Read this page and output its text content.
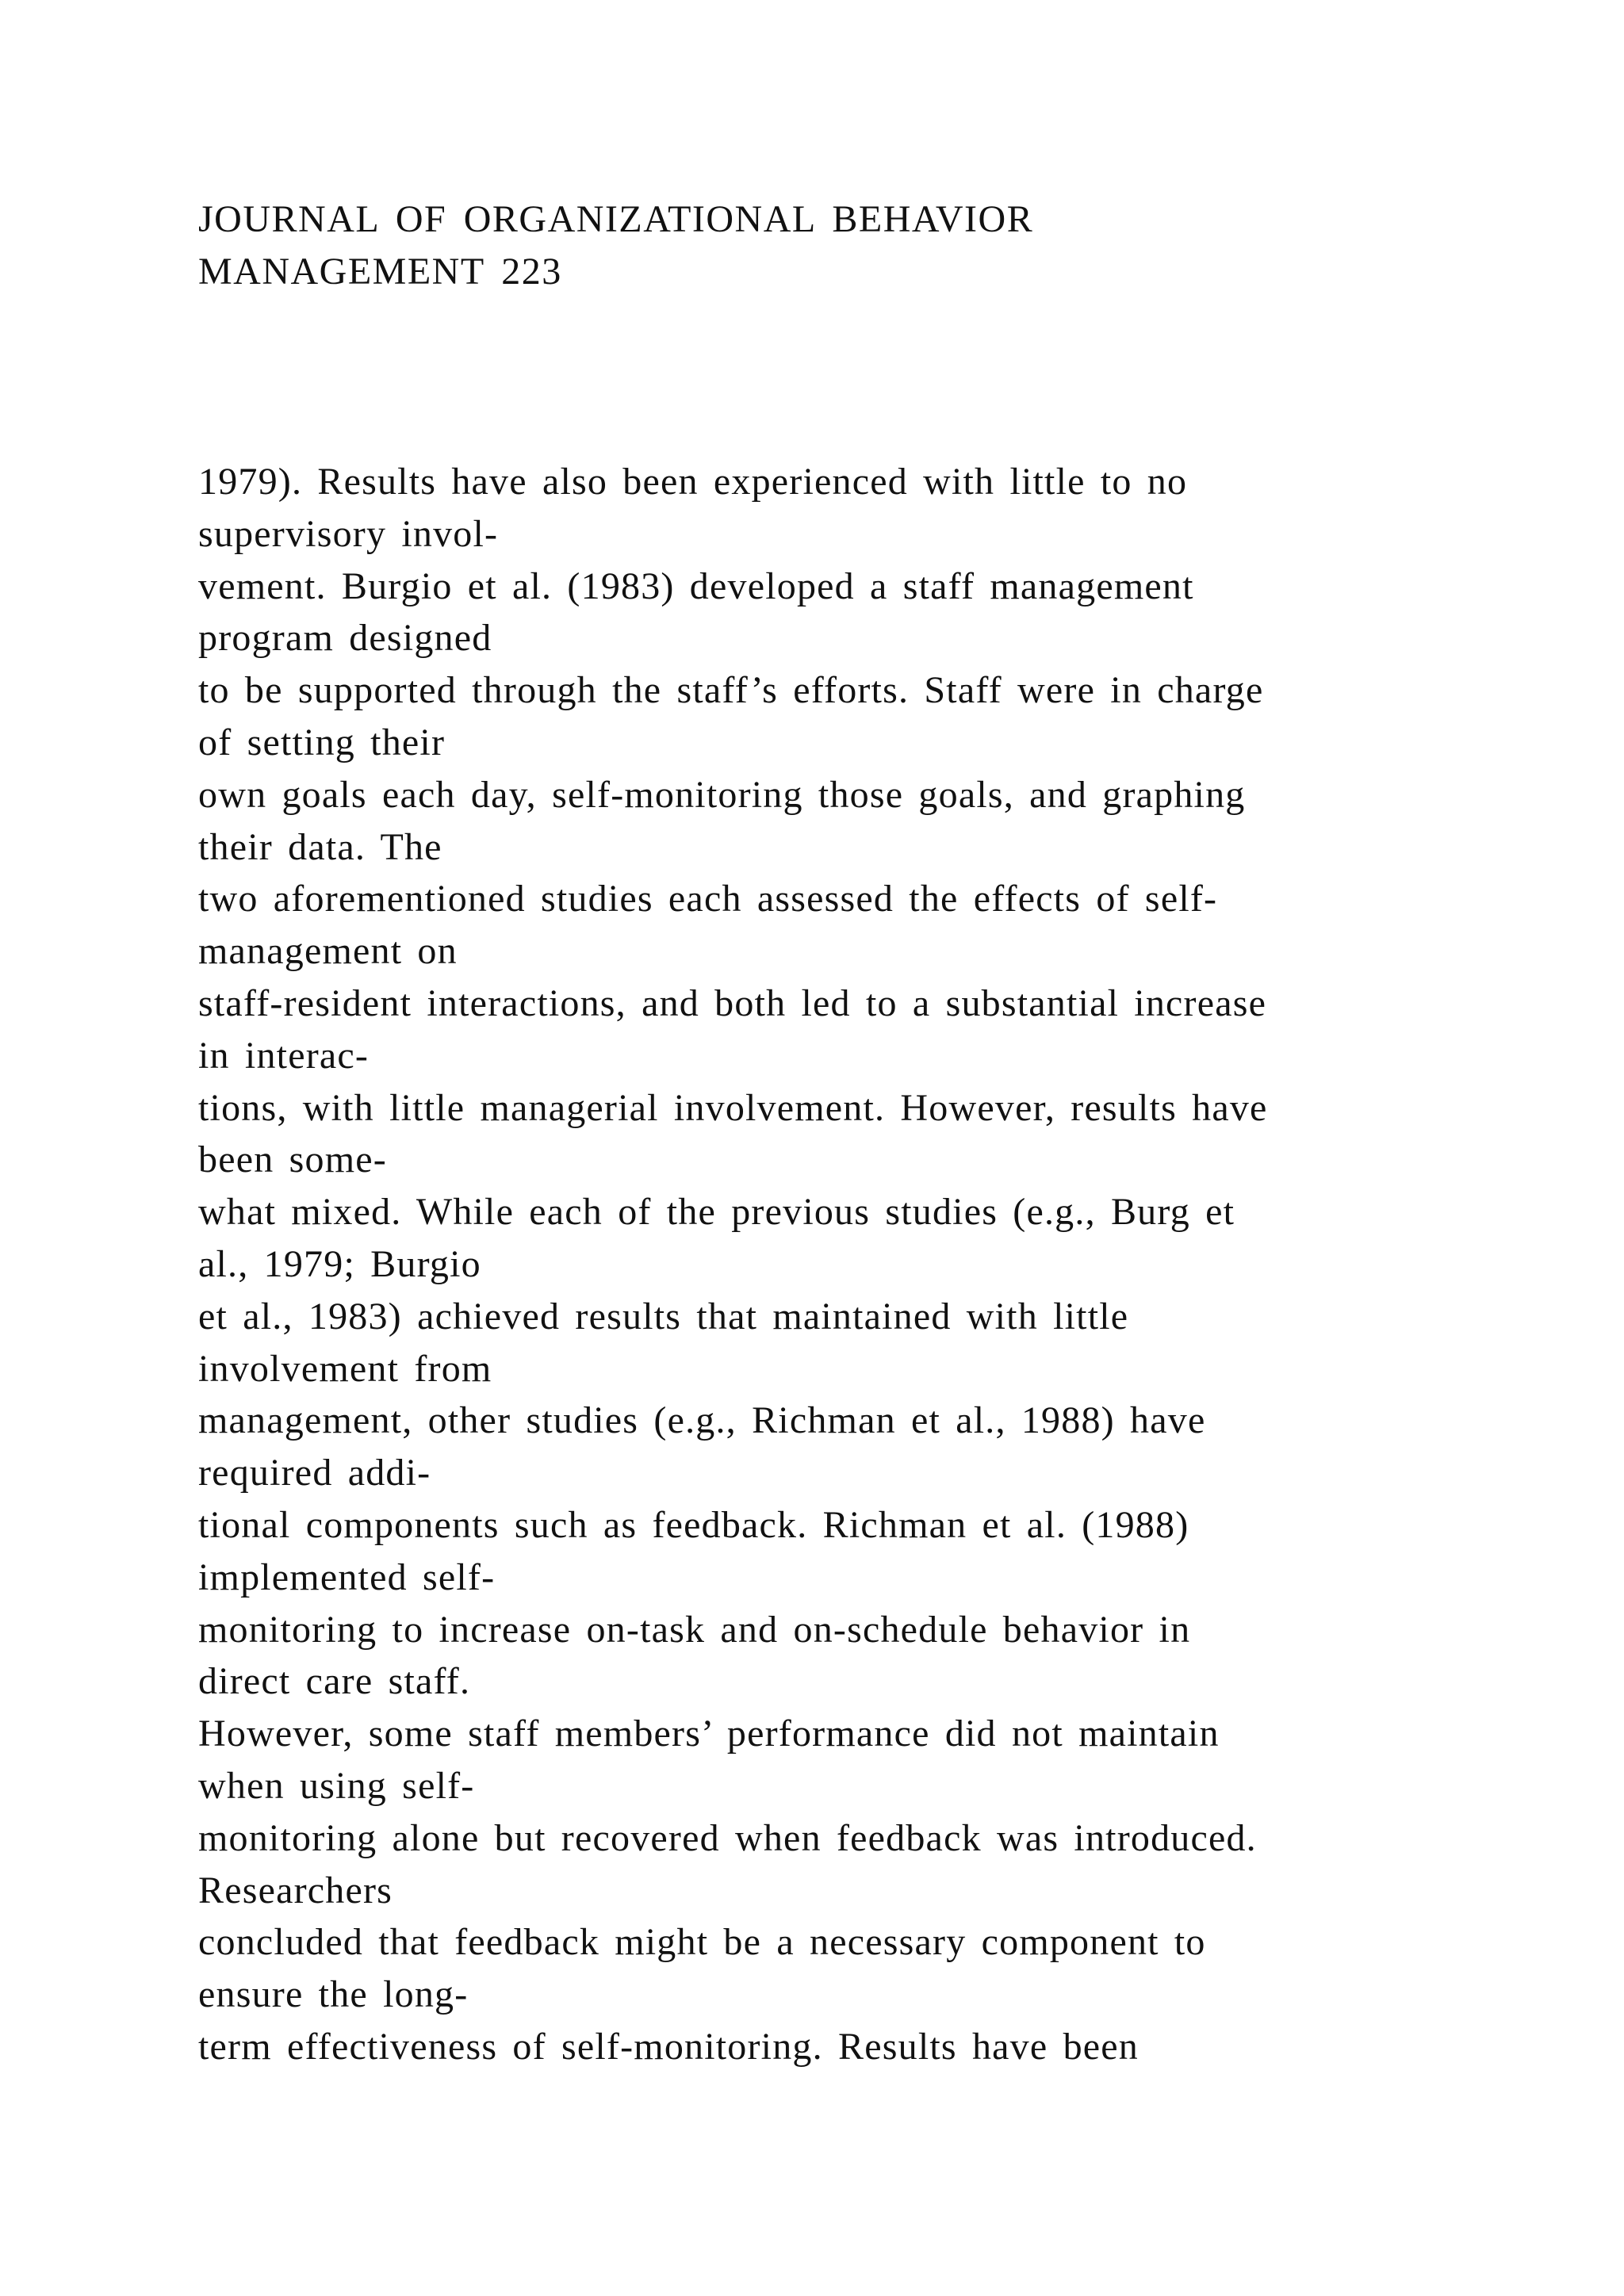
JOURNAL OF ORGANIZATIONAL BEHAVIOR
MANAGEMENT 223
1979). Results have also been experienced with little to no
supervisory invol-
vement. Burgio et al. (1983) developed a staff management
program designed
to be supported through the staff’s efforts. Staff were in charge
of setting their
own goals each day, self-monitoring those goals, and graphing
their data. The
two aforementioned studies each assessed the effects of self-
management on
staff-resident interactions, and both led to a substantial increase
in interac-
tions, with little managerial involvement. However, results have
been some-
what mixed. While each of the previous studies (e.g., Burg et
al., 1979; Burgio
et al., 1983) achieved results that maintained with little
involvement from
management, other studies (e.g., Richman et al., 1988) have
required addi-
tional components such as feedback. Richman et al. (1988)
implemented self-
monitoring to increase on-task and on-schedule behavior in
direct care staff.
However, some staff members’ performance did not maintain
when using self-
monitoring alone but recovered when feedback was introduced.
Researchers
concluded that feedback might be a necessary component to
ensure the long-
term effectiveness of self-monitoring. Results have been
